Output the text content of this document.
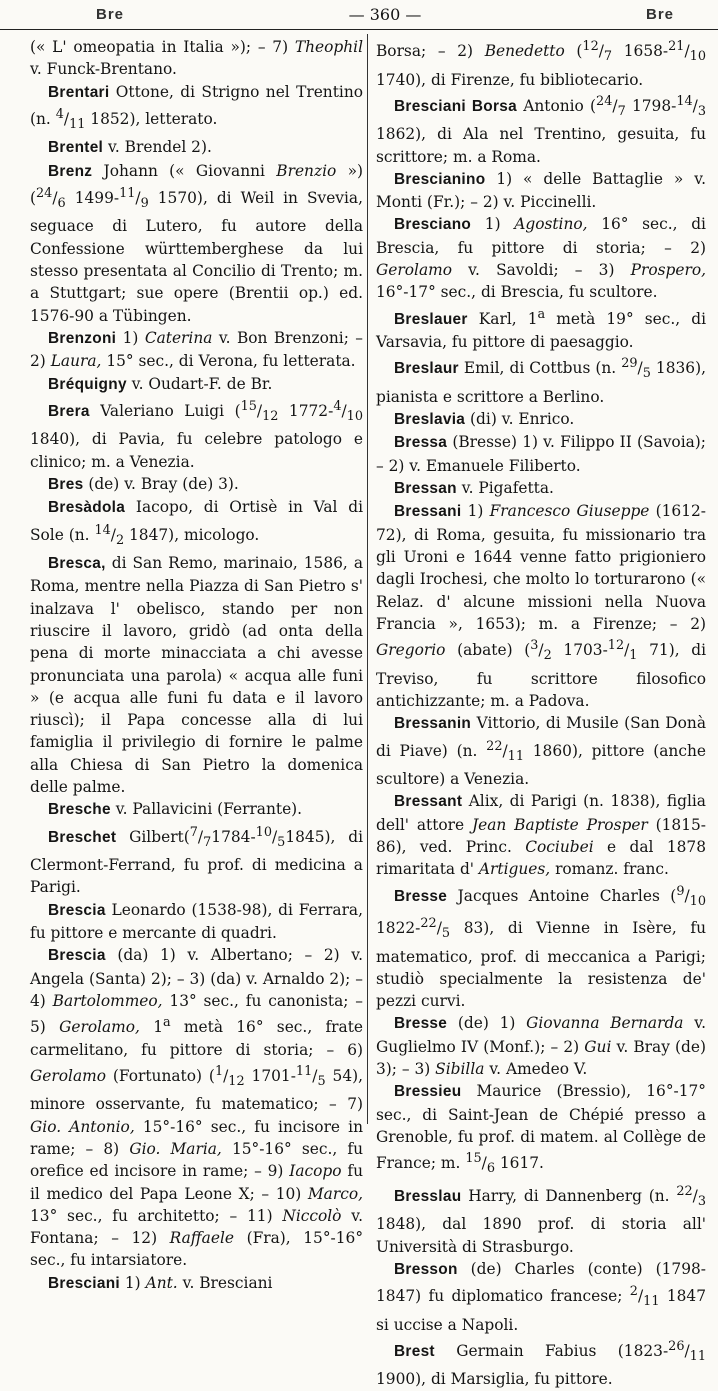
Bre	— 360 —	Bre

(« L' omeopatia in Italia »); – 7) Theophil v. Funck-Brentano.

Brentari Ottone, di Strigno nel Trentino (n. $^4/_{11}$ 1852), letterato.

Brentel v. Brendel 2).

Brenz Johann (« Giovanni Brenzio ») ($^{24}/_6$ $1499-^{11}/_9$ 1570), di Weil in Svevia, seguace di Lutero, fu autore della Confessione württemberghese da lui stesso presentata al Concilio di Trento; m. a Stuttgart; sue opere (Brentii op.) ed. 1576-90 a Tübingen.

Brenzoni 1) Caterina v. Bon Brenzoni; – 2) Laura, 15° sec., di Verona, fu letterata.

Bréquigny v. Oudart-F. de Br.

Brera Valeriano Luigi ($^{15}/_{12}$ $1772-^4/_{10}$ 1840), di Pavia, fu celebre patologo e clinico; m. a Venezia.

Bres (de) v. Bray (de) 3).

Bresàdola Iacopo, di Ortisè in Val di Sole (n. $^{14}/_2$ 1847), micologo.

Bresca, di San Remo, marinaio, 1586, a Roma, mentre nella Piazza di San Pietro s' inalzava l' obelisco, stando per non riuscire il lavoro, gridò (ad onta della pena di morte minacciata a chi avesse pronunciata una parola) « acqua alle funi » (e acqua alle funi fu data e il lavoro riuscì); il Papa concesse alla di lui famiglia il privilegio di fornire le palme alla Chiesa di San Pietro la domenica delle palme.

Bresche v. Pallavicini (Ferrante).

Breschet $Gilbert(^7/_71784-^{10}/_51845)$, di Clermont-Ferrand, fu prof. di medicina a Parigi.

Brescia Leonardo (1538-98), di Ferrara, fu pittore e mercante di quadri.

Brescia (da) 1) v. Albertano; – 2) v. Angela (Santa) 2); – 3) (da) v. Arnaldo 2); – 4) Bartolommeo, 13° sec., fu canonista; – 5) Gerolamo, 1$^a$ metà 16° sec., frate carmelitano, fu pittore di storia; – 6) Gerolamo (Fortunato) ($^1/_{12}$ $1701-^{11}/_5$ 54), minore osservante, fu matematico; – 7) Gio. Antonio, 15°-16° sec., fu incisore in rame; – 8) Gio. Maria, 15°-16° sec., fu orefice ed incisore in rame; – 9) Iacopo fu il medico del Papa Leone X; – 10) Marco, 13° sec., fu architetto; – 11) Niccolò v. Fontana; – 12) Raffaele (Fra), 15°-16° sec., fu intarsiatore.

Bresciani 1) Ant. v. Bresciani

Borsa; – 2) Benedetto ($^{12}/_7$ $1658-^{21}/_{10}$ 1740), di Firenze, fu bibliotecario.

Bresciani Borsa Antonio ($^{24}/_7$ $1798-^{14}/_3$ 1862), di Ala nel Trentino, gesuita, fu scrittore; m. a Roma.

Brescianino 1) « delle Battaglie » v. Monti (Fr.); – 2) v. Piccinelli.

Bresciano 1) Agostino, 16° sec., di Brescia, fu pittore di storia; – 2) Gerolamo v. Savoldi; – 3) Prospero, 16°-17° sec., di Brescia, fu scultore.

Breslauer Karl, 1$^a$ metà 19° sec., di Varsavia, fu pittore di paesaggio.

Breslaur Emil, di Cottbus (n. $^{29}/_5$ 1836), pianista e scrittore a Berlino.

Breslavia (di) v. Enrico.

Bressa (Bresse) 1) v. Filippo II (Savoia); – 2) v. Emanuele Filiberto.

Bressan v. Pigafetta.

Bressani 1) Francesco Giuseppe (1612-72), di Roma, gesuita, fu missionario tra gli Uroni e 1644 venne fatto prigioniero dagli Irochesi, che molto lo torturarono (« Relaz. d' alcune missioni nella Nuova Francia », 1653); m. a Firenze; – 2) Gregorio (abate) ($^3/_2$ $1703-^{12}/_1$ 71), di Treviso, fu scrittore filosofico antichizzante; m. a Padova.

Bressanin Vittorio, di Musile (San Donà di Piave) (n. $^{22}/_{11}$ 1860), pittore (anche scultore) a Venezia.

Bressant Alix, di Parigi (n. 1838), figlia dell' attore Jean Baptiste Prosper (1815-86), ved. Princ. Cociubei e dal 1878 rimaritata d' Artigues, romanz. franc.

Bresse Jacques Antoine Charles ($^9/_{10}$ $1822-^{22}/_5$ 83), di Vienne in Isère, fu matematico, prof. di meccanica a Parigi; studiò specialmente la resistenza de' pezzi curvi.

Bresse (de) 1) Giovanna Bernarda v. Guglielmo IV (Monf.); – 2) Gui v. Bray (de) 3); – 3) Sibilla v. Amedeo V.

Bressieu Maurice (Bressio), 16°-17° sec., di Saint-Jean de Chépié presso a Grenoble, fu prof. di matem. al Collège de France; m. $^{15}/_6$ 1617.

Bresslau Harry, di Dannenberg (n. $^{22}/_3$ 1848), dal 1890 prof. di storia all' Università di Strasburgo.

Bresson (de) Charles (conte) (1798-1847) fu diplomatico francese; $^2/_{11}$ 1847 si uccise a Napoli.

Brest Germain Fabius ($1823-^{26}/_{11}$ 1900), di Marsiglia, fu pittore.
